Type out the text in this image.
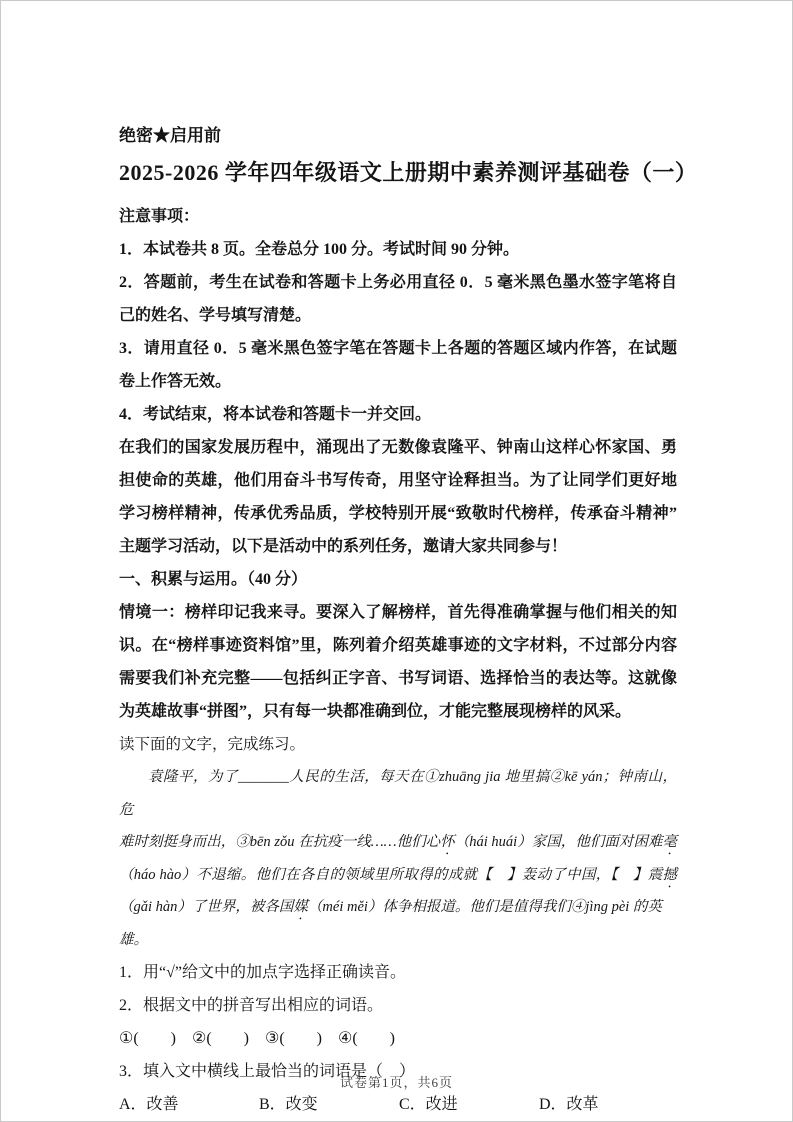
绝密★启用前
2025-2026 学年四年级语文上册期中素养测评基础卷（一）
注意事项：
1．本试卷共 8 页。全卷总分 100 分。考试时间 90 分钟。
2．答题前，考生在试卷和答题卡上务必用直径 0．5 毫米黑色墨水签字笔将自
己的姓名、学号填写清楚。
3．请用直径 0．5 毫米黑色签字笔在答题卡上各题的答题区域内作答，在试题
卷上作答无效。
4．考试结束，将本试卷和答题卡一并交回。
在我们的国家发展历程中，涌现出了无数像袁隆平、钟南山这样心怀家国、勇
担使命的英雄，他们用奋斗书写传奇，用坚守诠释担当。为了让同学们更好地
学习榜样精神，传承优秀品质，学校特别开展“致敬时代榜样，传承奋斗精神”
主题学习活动，以下是活动中的系列任务，邀请大家共同参与！
一、积累与运用。（40 分）
情境一：榜样印记我来寻。要深入了解榜样，首先得准确掌握与他们相关的知
识。在“榜样事迹资料馆”里，陈列着介绍英雄事迹的文字材料，不过部分内容
需要我们补充完整——包括纠正字音、书写词语、选择恰当的表达等。这就像
为英雄故事“拼图”，只有每一块都准确到位，才能完整展现榜样的风采。
读下面的文字，完成练习。
袁隆平，为了_______人民的生活，每天在①zhuāng jia 地里搞②kē yán；钟南山，危
难时刻挺身而出，③bēn zǒu 在抗疫一线……他们心怀（hái huái）家国，他们面对困难毫
（háo hào）不退缩。他们在各自的领域里所取得的成就【　】轰动了中国，【　】震撼
（gǎi hàn）了世界，被各国媒（méi měi）体争相报道。他们是值得我们④jìng pèi 的英雄。
1．用“√”给文中的加点字选择正确读音。
2．根据文中的拼音写出相应的词语。
①(　　)　②(　　)　③(　　)　④(　　)
3．填入文中横线上最恰当的词语是（　）
A．改善	B．改变	C．改进	D．改革
试卷第1页，共6页
